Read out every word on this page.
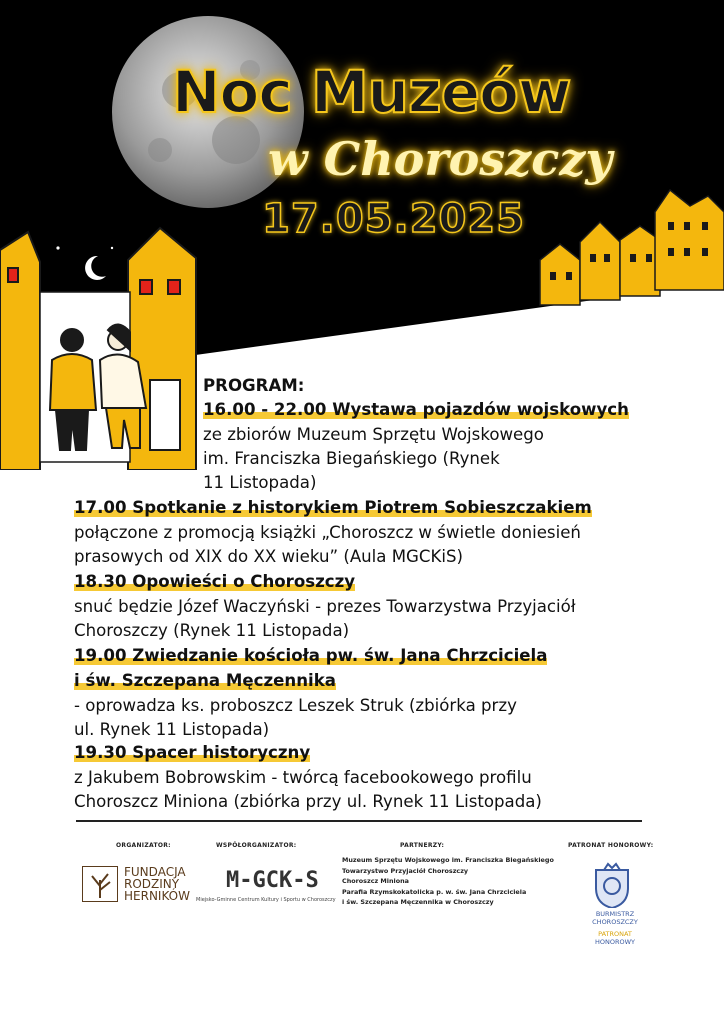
Noc Muzeów
w Choroszczy
17.05.2025
PROGRAM:
16.00 - 22.00 Wystawa pojazdów wojskowych
ze zbiorów Muzeum Sprzętu Wojskowego
im. Franciszka Biegańskiego (Rynek
11 Listopada)
17.00 Spotkanie z historykiem Piotrem Sobieszczakiem
połączone z promocją książki „Choroszcz w świetle doniesień
prasowych od XIX do XX wieku” (Aula MGCKiS)
18.30 Opowieści o Choroszczy
snuć będzie Józef Waczyński - prezes Towarzystwa Przyjaciół
Choroszczy (Rynek 11 Listopada)
19.00 Zwiedzanie kościoła pw. św. Jana Chrzciciela
i św. Szczepana Męczennika
- oprowadza ks. proboszcz Leszek Struk (zbiórka przy
ul. Rynek 11 Listopada)
19.30 Spacer historyczny
z Jakubem Bobrowskim - twórcą facebookowego profilu
Choroszcz Miniona (zbiórka przy ul. Rynek 11 Listopada)
ORGANIZATOR:
FUNDACJA
RODZINY
HERNIKÓW
WSPÓŁORGANIZATOR:
M-GCK-S
Miejsko-Gminne Centrum Kultury i Sportu w Choroszczy
PARTNERZY:
Muzeum Sprzętu Wojskowego im. Franciszka Biegańskiego
Towarzystwo Przyjaciół Choroszczy
Choroszcz Miniona
Parafia Rzymskokatolicka p. w. św. Jana Chrzciciela
i św. Szczepana Męczennika w Choroszczy
PATRONAT HONOROWY:
BURMISTRZ
CHOROSZCZY
PATRONAT
HONOROWY
